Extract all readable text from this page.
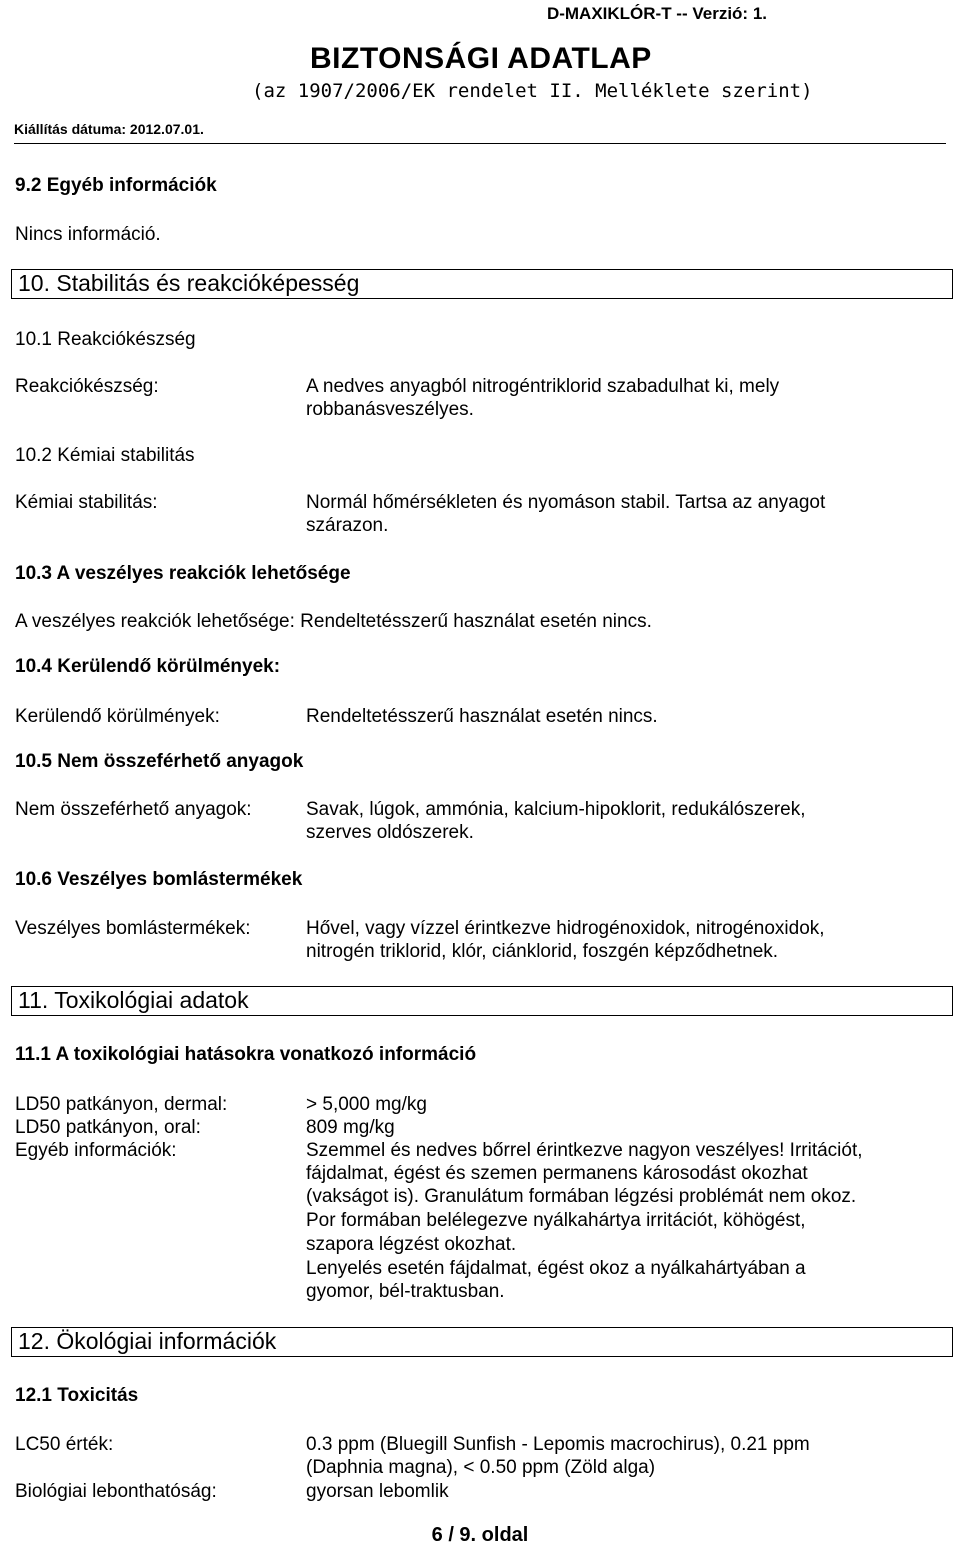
D-MAXIKLÓR-T -- Verzió: 1.
BIZTONSÁGI ADATLAP
(az 1907/2006/EK rendelet II. Melléklete szerint)
Kiállítás dátuma: 2012.07.01.
9.2 Egyéb információk
Nincs információ.
10. Stabilitás és reakcióképesség
10.1 Reakciókészség
Reakciókészség:	A nedves anyagból nitrogéntriklorid szabadulhat ki, mely
robbanásveszélyes.
10.2 Kémiai stabilitás
Kémiai stabilitás:	Normál hőmérsékleten és nyomáson stabil. Tartsa az anyagot
szárazon.
10.3 A veszélyes reakciók lehetősége
A veszélyes reakciók lehetősége: Rendeltetésszerű használat esetén nincs.
10.4 Kerülendő körülmények:
Kerülendő körülmények:	Rendeltetésszerű használat esetén nincs.
10.5 Nem összeférhető anyagok
Nem összeférhető anyagok:	Savak, lúgok, ammónia, kalcium-hipoklorit, redukálószerek,
szerves oldószerek.
10.6 Veszélyes bomlástermékek
Veszélyes bomlástermékek:	Hővel, vagy vízzel érintkezve hidrogénoxidok, nitrogénoxidok,
nitrogén triklorid, klór, ciánklorid, foszgén képződhetnek.
11. Toxikológiai adatok
11.1 A toxikológiai hatásokra vonatkozó információ
LD50 patkányon, dermal:	> 5,000 mg/kg
LD50 patkányon, oral:	809 mg/kg
Egyéb információk:	Szemmel és nedves bőrrel érintkezve nagyon veszélyes! Irritációt,
fájdalmat, égést és szemen permanens károsodást okozhat
(vakságot is). Granulátum formában légzési problémát nem okoz.
Por formában belélegezve nyálkahártya irritációt, köhögést,
szapora légzést okozhat.
Lenyelés esetén fájdalmat, égést okoz a nyálkahártyában a
gyomor, bél-traktusban.
12. Ökológiai információk
12.1 Toxicitás
LC50 érték:	0.3 ppm (Bluegill Sunfish - Lepomis macrochirus), 0.21 ppm
(Daphnia magna), < 0.50 ppm (Zöld alga)
Biológiai lebonthatóság:	gyorsan lebomlik
6 / 9. oldal
